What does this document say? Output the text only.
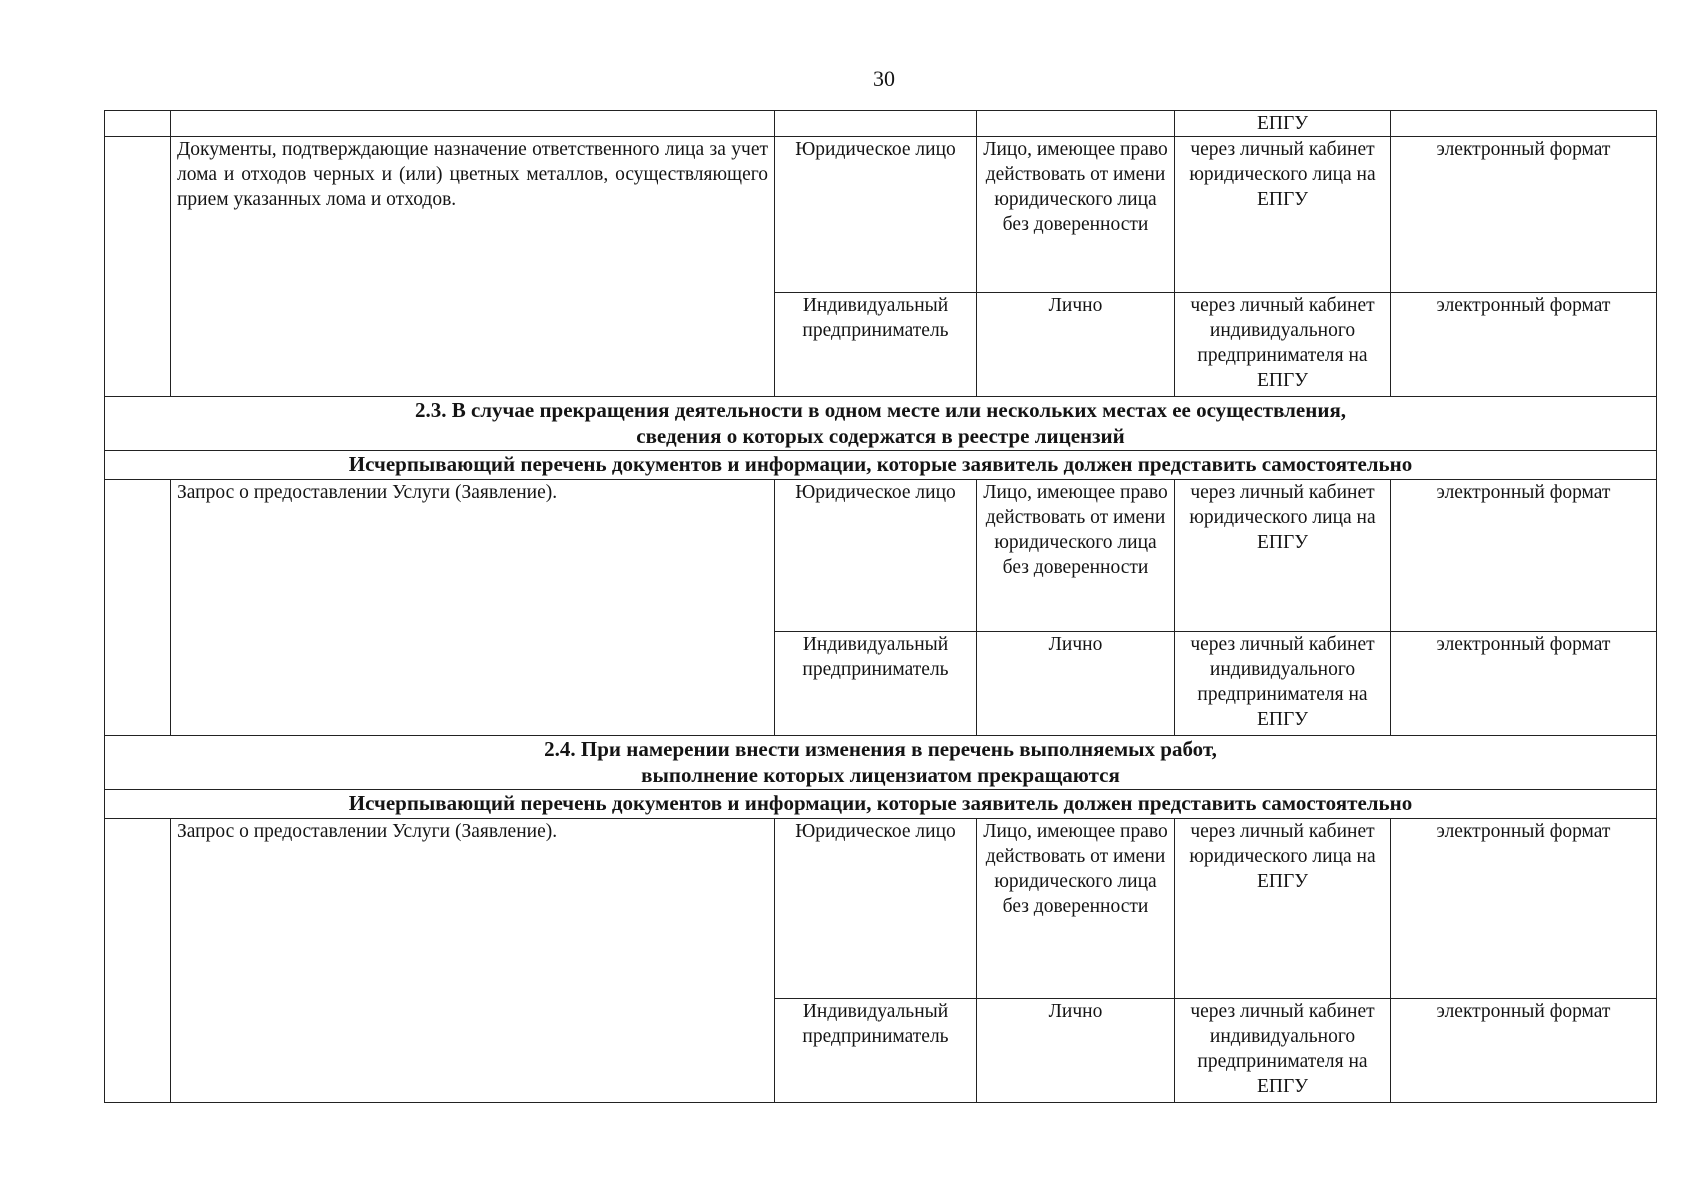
30
				ЕПГУ	
	Документы, подтверждающие назначение ответственного лица за учет лома и отходов черных и (или) цветных металлов, осуществляющего прием указанных лома и отходов.	Юридическое лицо	Лицо, имеющее право действовать от имени юридического лица без доверенности	через личный кабинет юридического лица на ЕПГУ	электронный формат
		Индивидуальный предприниматель	Лично	через личный кабинет индивидуального предпринимателя на ЕПГУ	электронный формат

2.3. В случае прекращения деятельности в одном месте или нескольких местах ее осуществления,
сведения о которых содержатся в реестре лицензий					

Исчерпывающий перечень документов и информации, которые заявитель должен представить самостоятельно					
	Запрос о предоставлении Услуги (Заявление).	Юридическое лицо	Лицо, имеющее право действовать от имени юридического лица без доверенности	через личный кабинет юридического лица на ЕПГУ	электронный формат
		Индивидуальный предприниматель	Лично	через личный кабинет индивидуального предпринимателя на ЕПГУ	электронный формат

2.4. При намерении внести изменения в перечень выполняемых работ,
выполнение которых лицензиатом прекращаются					

Исчерпывающий перечень документов и информации, которые заявитель должен представить самостоятельно					
	Запрос о предоставлении Услуги (Заявление).	Юридическое лицо	Лицо, имеющее право действовать от имени юридического лица без доверенности	через личный кабинет юридического лица на ЕПГУ	электронный формат
		Индивидуальный предприниматель	Лично	через личный кабинет индивидуального предпринимателя на ЕПГУ	электронный формат
